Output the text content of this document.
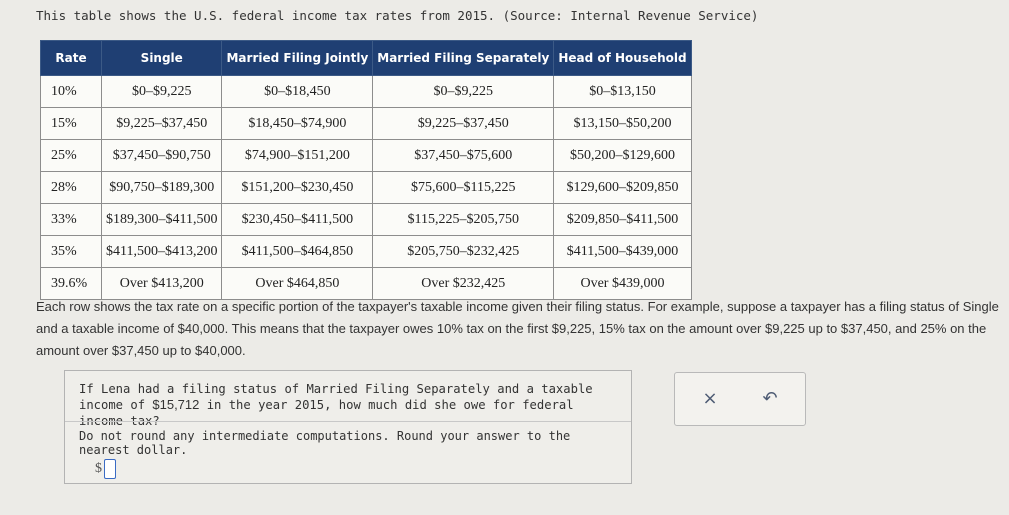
This table shows the U.S. federal income tax rates from 2015. (Source: Internal Revenue Service)
Rate	Single	Married Filing Jointly	Married Filing Separately	Head of Household
10%	$0–$9,225	$0–$18,450	$0–$9,225	$0–$13,150
15%	$9,225–$37,450	$18,450–$74,900	$9,225–$37,450	$13,150–$50,200
25%	$37,450–$90,750	$74,900–$151,200	$37,450–$75,600	$50,200–$129,600
28%	$90,750–$189,300	$151,200–$230,450	$75,600–$115,225	$129,600–$209,850
33%	$189,300–$411,500	$230,450–$411,500	$115,225–$205,750	$209,850–$411,500
35%	$411,500–$413,200	$411,500–$464,850	$205,750–$232,425	$411,500–$439,000
39.6%	Over $413,200	Over $464,850	Over $232,425	Over $439,000
Each row shows the tax rate on a specific portion of the taxpayer's taxable income given their filing status. For example, suppose a taxpayer has a filing status of Single and a taxable income of $40,000. This means that the taxpayer owes 10% tax on the first $9,225, 15% tax on the amount over $9,225 up to $37,450, and 25% on the amount over $37,450 up to $40,000.
If Lena had a filing status of Married Filing Separately and a taxable income of $15,712 in the year 2015, how much did she owe for federal income tax?
Do not round any intermediate computations. Round your answer to the nearest dollar.
$
× ↶
